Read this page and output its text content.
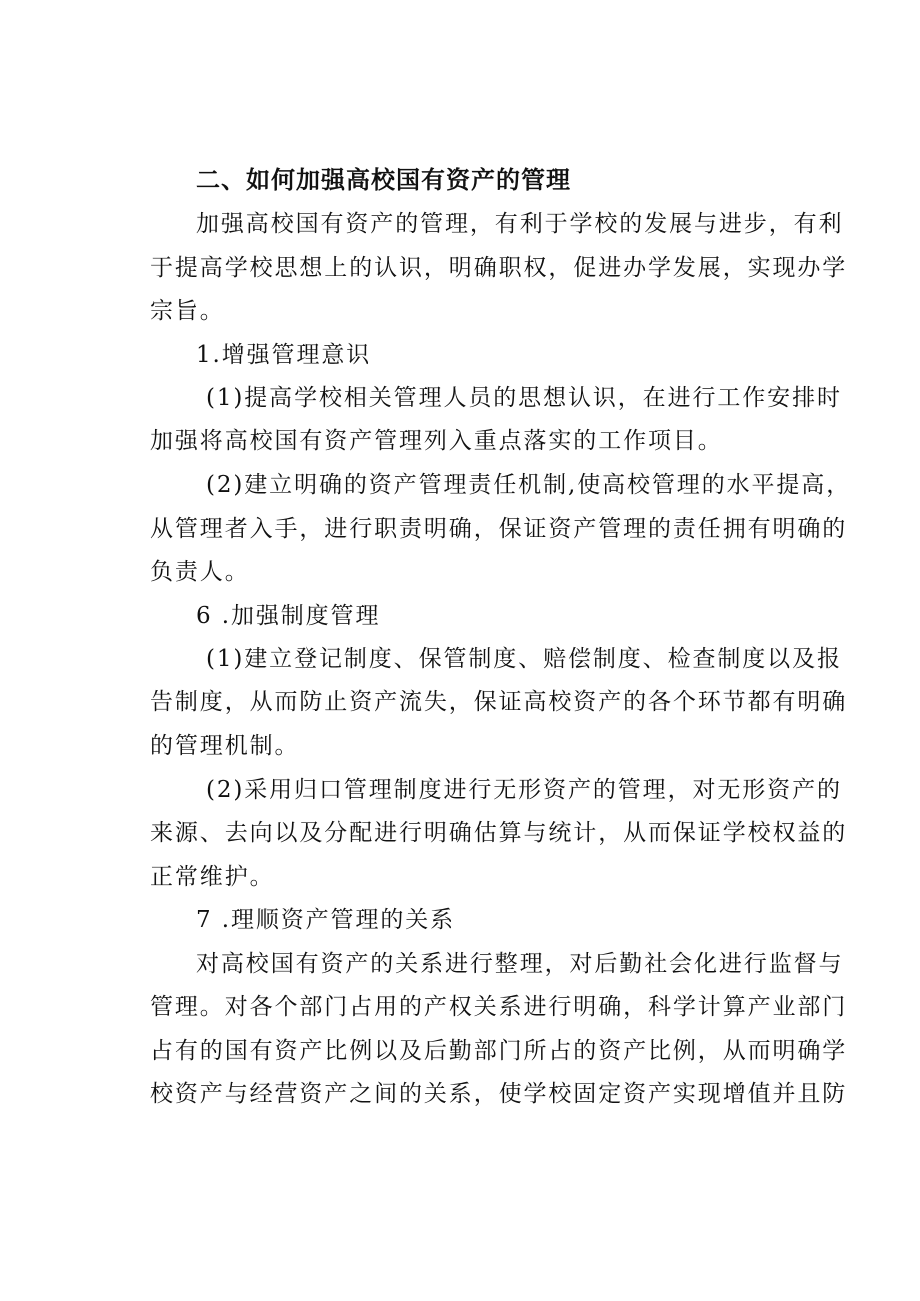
二、如何加强高校国有资产的管理

加强高校国有资产的管理，有利于学校的发展与进步，有利

于提高学校思想上的认识，明确职权，促进办学发展，实现办学

宗旨。

1.增强管理意识

(1)提高学校相关管理人员的思想认识，在进行工作安排时

加强将高校国有资产管理列入重点落实的工作项目。

(2)建立明确的资产管理责任机制,使高校管理的水平提高，

从管理者入手，进行职责明确，保证资产管理的责任拥有明确的

负责人。

6 .加强制度管理

(1)建立登记制度、保管制度、赔偿制度、检查制度以及报

告制度，从而防止资产流失，保证高校资产的各个环节都有明确

的管理机制。

(2)采用归口管理制度进行无形资产的管理，对无形资产的

来源、去向以及分配进行明确估算与统计，从而保证学校权益的

正常维护。

7 .理顺资产管理的关系

对高校国有资产的关系进行整理，对后勤社会化进行监督与

管理。对各个部门占用的产权关系进行明确，科学计算产业部门

占有的国有资产比例以及后勤部门所占的资产比例，从而明确学

校资产与经营资产之间的关系，使学校固定资产实现增值并且防
